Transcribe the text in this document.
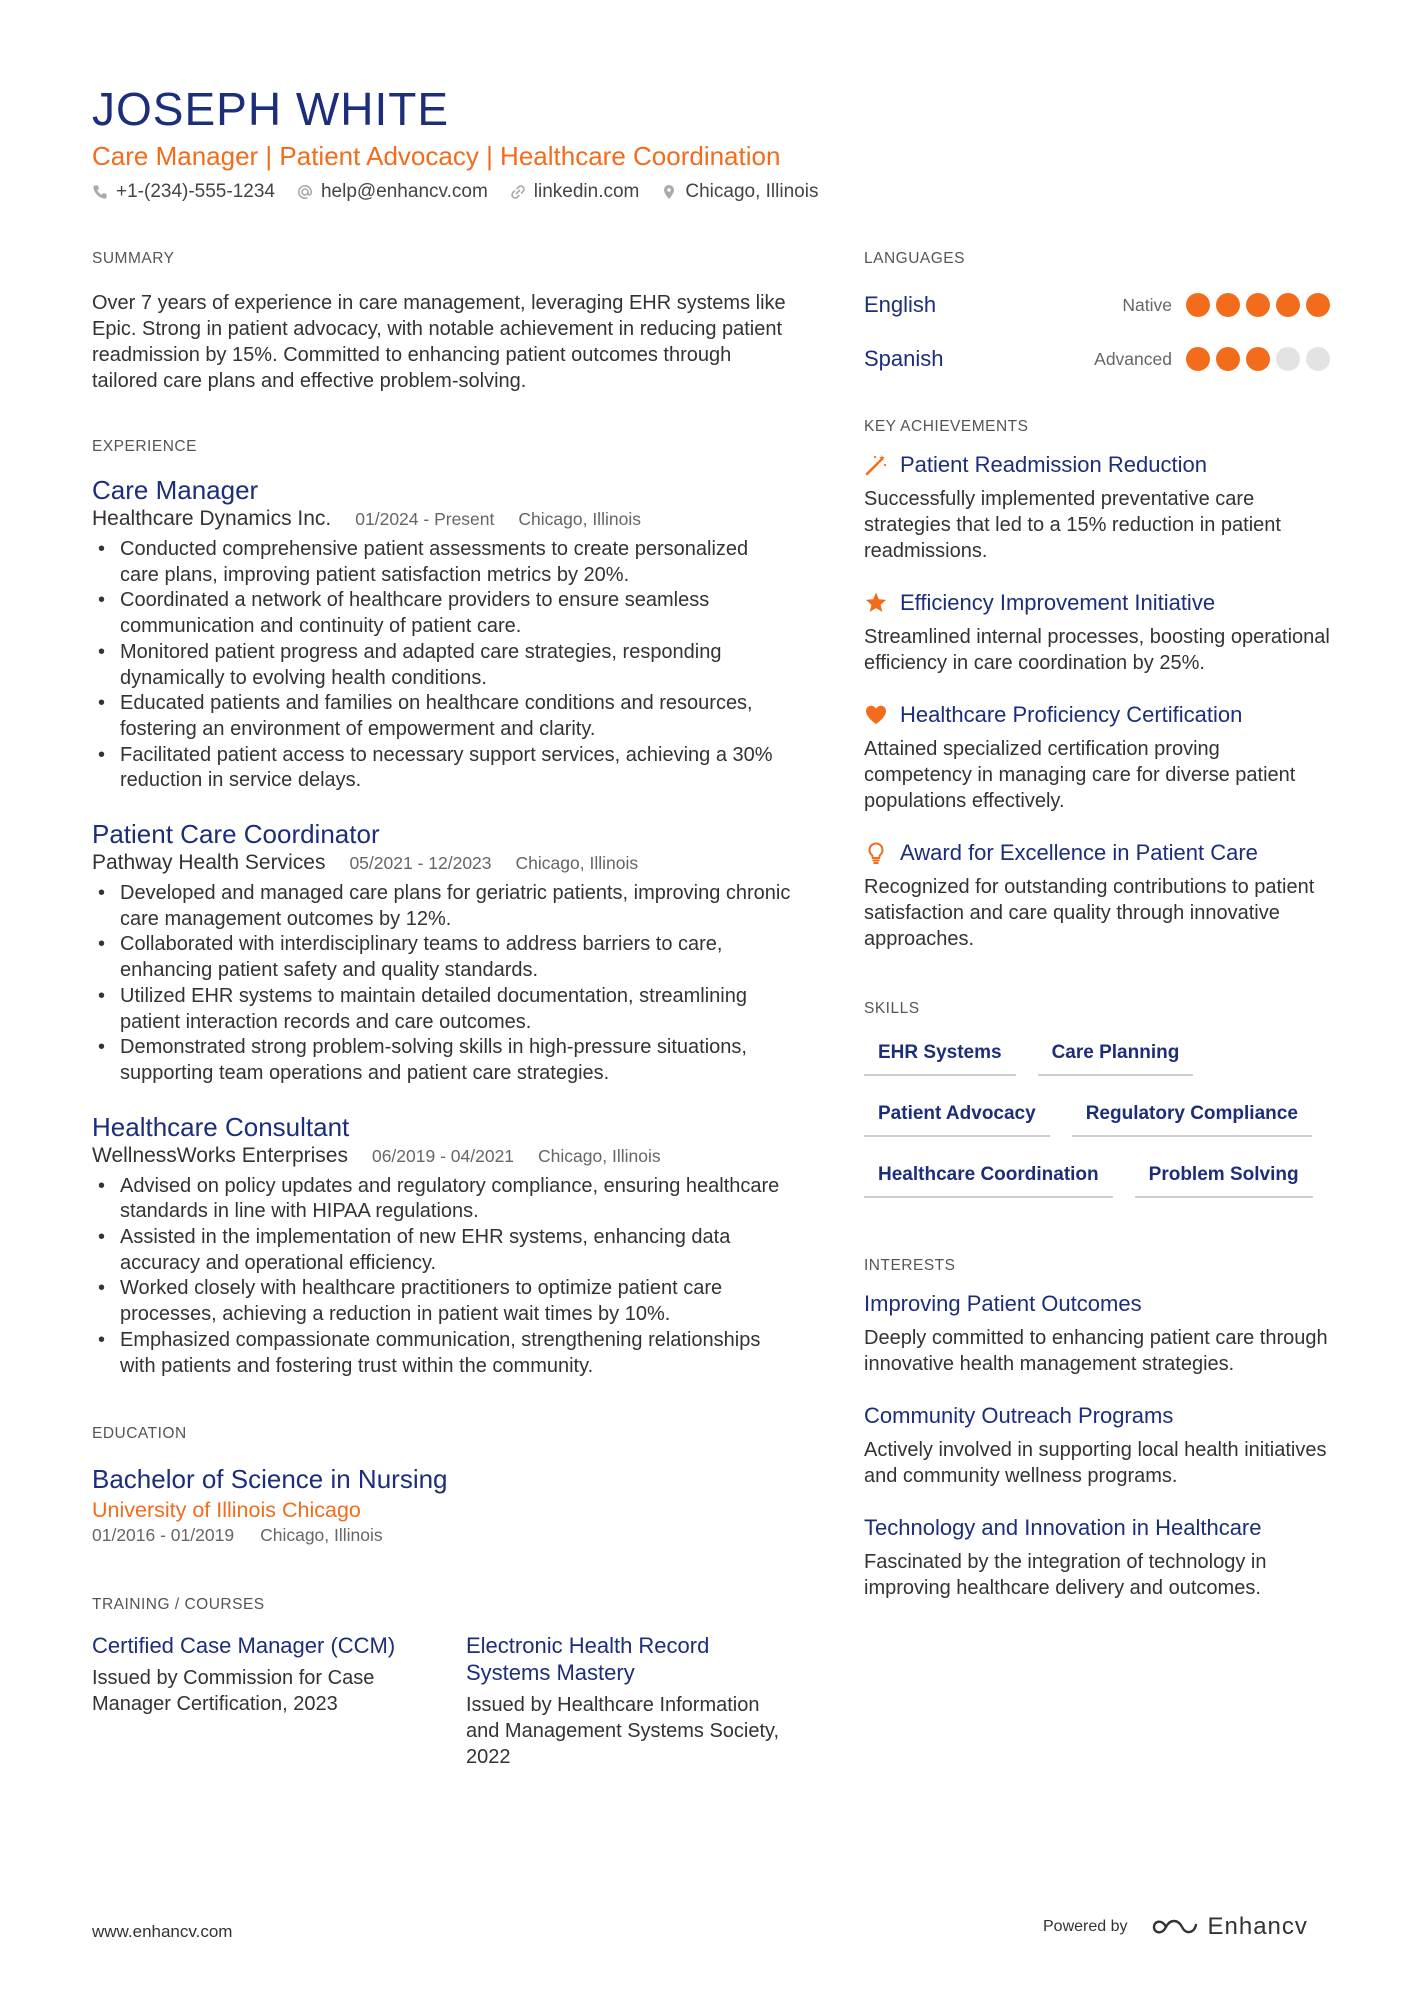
JOSEPH WHITE
Care Manager | Patient Advocacy | Healthcare Coordination
+1-(234)-555-1234 help@enhancv.com linkedin.com Chicago, Illinois
SUMMARY

Over 7 years of experience in care management, leveraging EHR systems like Epic. Strong in patient advocacy, with notable achievement in reducing patient readmission by 15%. Committed to enhancing patient outcomes through tailored care plans and effective problem-solving.

EXPERIENCE
Care Manager
Healthcare Dynamics Inc. 01/2024 - Present Chicago, Illinois
• Conducted comprehensive patient assessments to create personalized care plans, improving patient satisfaction metrics by 20%.
• Coordinated a network of healthcare providers to ensure seamless communication and continuity of patient care.
• Monitored patient progress and adapted care strategies, responding dynamically to evolving health conditions.
• Educated patients and families on healthcare conditions and resources, fostering an environment of empowerment and clarity.
• Facilitated patient access to necessary support services, achieving a 30% reduction in service delays.
Patient Care Coordinator
Pathway Health Services 05/2021 - 12/2023 Chicago, Illinois
• Developed and managed care plans for geriatric patients, improving chronic care management outcomes by 12%.
• Collaborated with interdisciplinary teams to address barriers to care, enhancing patient safety and quality standards.
• Utilized EHR systems to maintain detailed documentation, streamlining patient interaction records and care outcomes.
• Demonstrated strong problem-solving skills in high-pressure situations, supporting team operations and patient care strategies.
Healthcare Consultant
WellnessWorks Enterprises 06/2019 - 04/2021 Chicago, Illinois
• Advised on policy updates and regulatory compliance, ensuring healthcare standards in line with HIPAA regulations.
• Assisted in the implementation of new EHR systems, enhancing data accuracy and operational efficiency.
• Worked closely with healthcare practitioners to optimize patient care processes, achieving a reduction in patient wait times by 10%.
• Emphasized compassionate communication, strengthening relationships with patients and fostering trust within the community.
EDUCATION
Bachelor of Science in Nursing
University of Illinois Chicago
01/2016 - 01/2019 Chicago, Illinois
TRAINING / COURSES
Certified Case Manager (CCM)
Issued by Commission for Case Manager Certification, 2023
Electronic Health Record Systems Mastery
Issued by Healthcare Information and Management Systems Society, 2022
LANGUAGES
English	Native
Spanish	Advanced
KEY ACHIEVEMENTS
Patient Readmission Reduction
Successfully implemented preventative care strategies that led to a 15% reduction in patient readmissions.
Efficiency Improvement Initiative
Streamlined internal processes, boosting operational efficiency in care coordination by 25%.
Healthcare Proficiency Certification
Attained specialized certification proving competency in managing care for diverse patient populations effectively.
Award for Excellence in Patient Care
Recognized for outstanding contributions to patient satisfaction and care quality through innovative approaches.
SKILLS
EHR Systems	Care Planning
Patient Advocacy	Regulatory Compliance
Healthcare Coordination	Problem Solving
INTERESTS
Improving Patient Outcomes
Deeply committed to enhancing patient care through innovative health management strategies.
Community Outreach Programs
Actively involved in supporting local health initiatives and community wellness programs.
Technology and Innovation in Healthcare
Fascinated by the integration of technology in improving healthcare delivery and outcomes.
www.enhancv.com	Powered by	Enhancv
